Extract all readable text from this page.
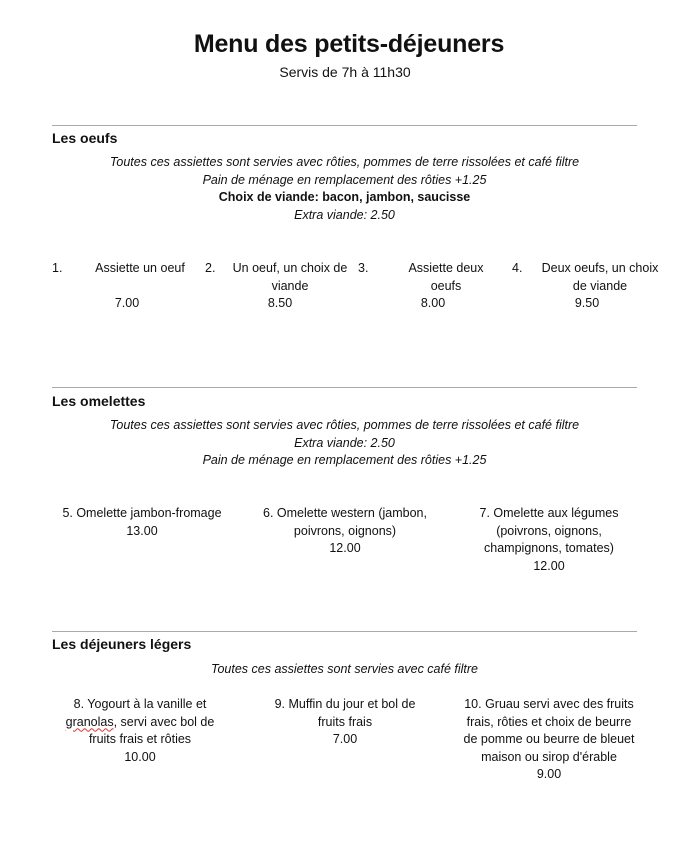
Menu des petits-déjeuners
Servis de 7h à 11h30
Les oeufs
Toutes ces assiettes sont servies avec rôties, pommes de terre rissolées et café filtre
Pain de ménage en remplacement des rôties +1.25
Choix de viande: bacon, jambon, saucisse
Extra viande: 2.50
1.	Assiette un oeuf
7.00
2.	Un oeuf, un choix de viande
8.50
3.	Assiette deux oeufs
8.00
4. Deux oeufs, un choix de viande
9.50
Les omelettes
Toutes ces assiettes sont servies avec rôties, pommes de terre rissolées et café filtre
Extra viande: 2.50
Pain de ménage en remplacement des rôties +1.25
5. Omelette jambon-fromage
13.00
6. Omelette western (jambon, poivrons, oignons)
12.00
7. Omelette aux légumes (poivrons, oignons, champignons, tomates)
12.00
Les déjeuners légers
Toutes ces assiettes sont servies avec café filtre
8. Yogourt à la vanille et granolas, servi avec bol de fruits frais et rôties
10.00
9. Muffin du jour et bol de fruits frais
7.00
10. Gruau servi avec des fruits frais, rôties et choix de beurre de pomme ou beurre de bleuet maison ou sirop d'érable
9.00
